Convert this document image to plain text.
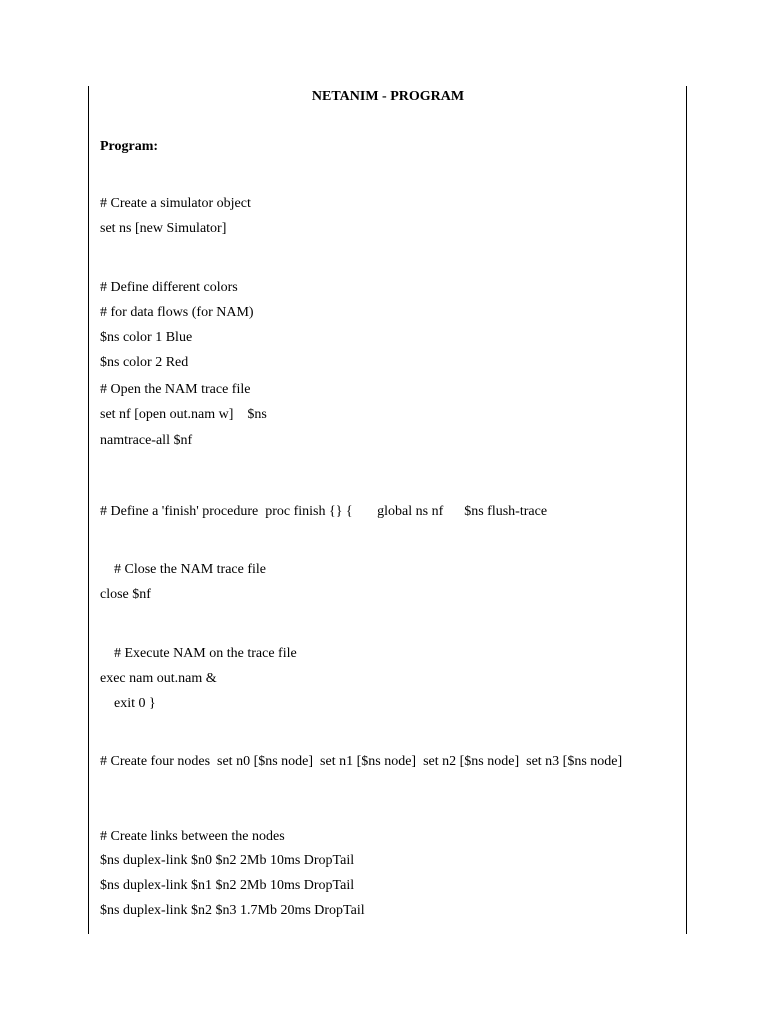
NETANIM - PROGRAM
Program:
# Create a simulator object
set ns [new Simulator]
# Define different colors
# for data flows (for NAM)
$ns color 1 Blue
$ns color 2 Red
# Open the NAM trace file
set nf [open out.nam w]    $ns
namtrace-all $nf
# Define a 'finish' procedure  proc finish {} {       global ns nf      $ns flush-trace
# Close the NAM trace file
close $nf
# Execute NAM on the trace file
exec nam out.nam &
exit 0 }
# Create four nodes  set n0 [$ns node]  set n1 [$ns node]  set n2 [$ns node]  set n3 [$ns node]
# Create links between the nodes
$ns duplex-link $n0 $n2 2Mb 10ms DropTail
$ns duplex-link $n1 $n2 2Mb 10ms DropTail
$ns duplex-link $n2 $n3 1.7Mb 20ms DropTail
